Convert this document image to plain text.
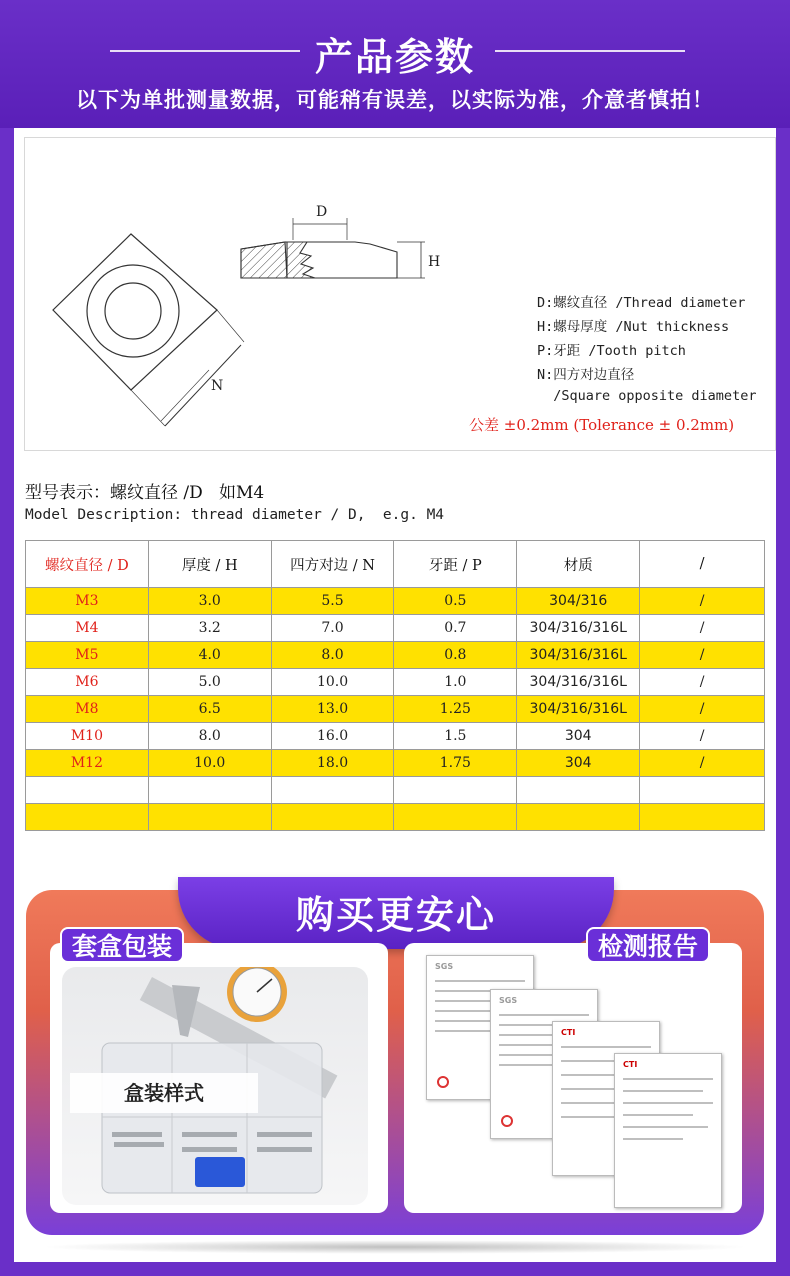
产品参数
以下为单批测量数据，可能稍有误差，以实际为准，介意者慎拍！
N
D
H
D:螺纹直径 /Thread diameter
H:螺母厚度 /Nut thickness
P:牙距 /Tooth pitch
N:四方对边直径
/Square opposite diameter
公差 ±0.2mm (Tolerance ± 0.2mm)
型号表示：螺纹直径 /D   如M4
Model Description: thread diameter / D,  e.g. M4
螺纹直径 / D	厚度 / H	四方对边 / N	牙距 / P	材质	/
M3	3.0	5.5	0.5	304/316	/
M4	3.2	7.0	0.7	304/316/316L	/
M5	4.0	8.0	0.8	304/316/316L	/
M6	5.0	10.0	1.0	304/316/316L	/
M8	6.5	13.0	1.25	304/316/316L	/
M10	8.0	16.0	1.5	304	/
M12	10.0	18.0	1.75	304	/

购买更安心
盒装样式
SGS
SGS
CTI
CTI
套盒包装	检测报告
